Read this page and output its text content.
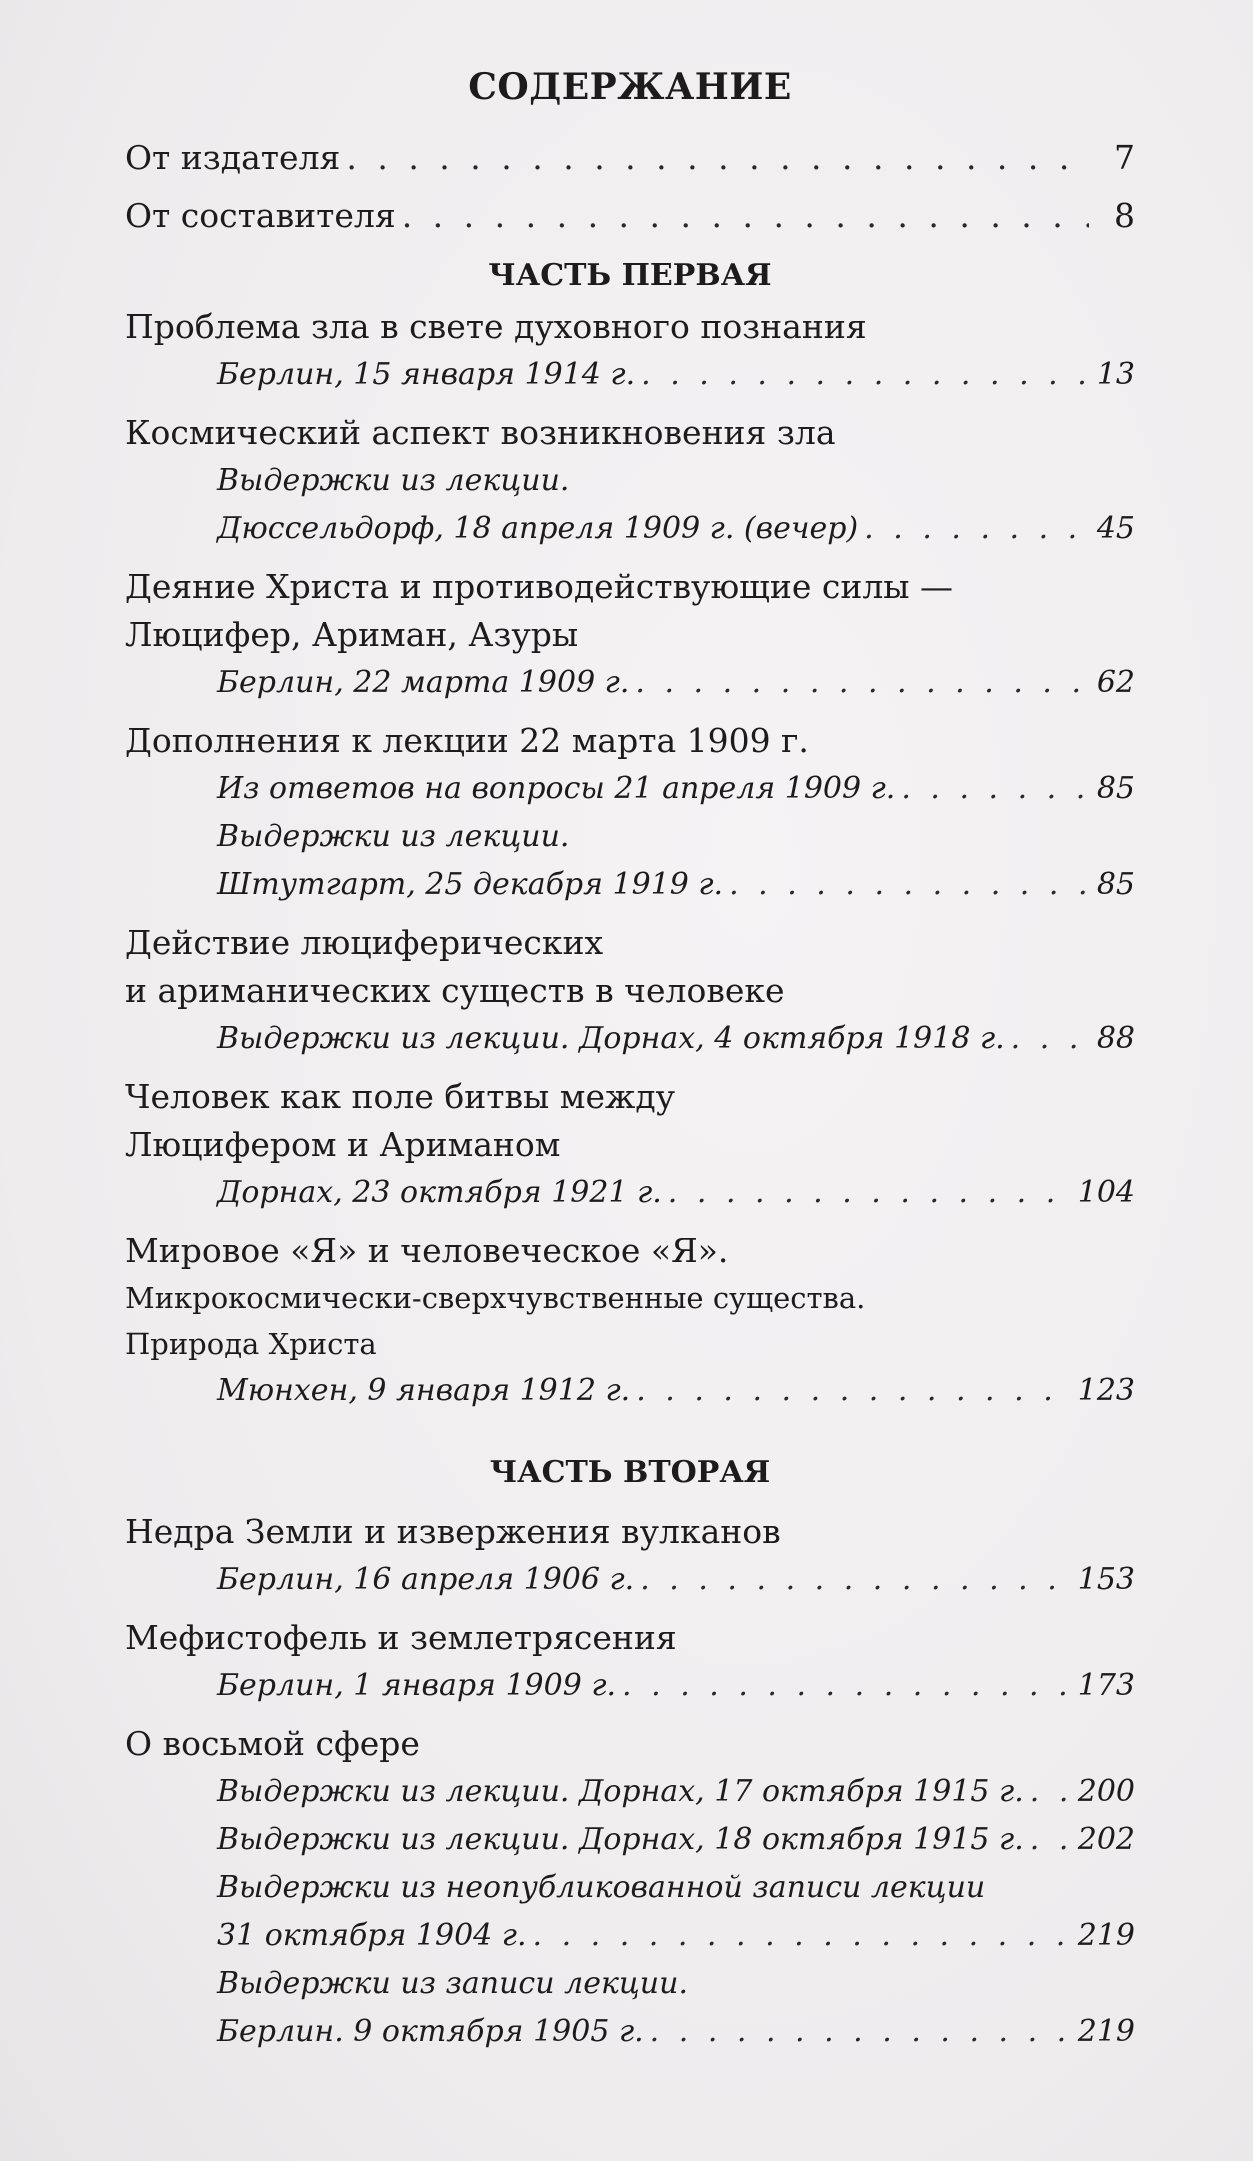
СОДЕРЖАНИЕ
От издателя . . .	7
От составителя . . .	8
ЧАСТЬ ПЕРВАЯ
Проблема зла в свете духовного познания
Берлин, 15 января 1914 г. . . .	13
Космический аспект возникновения зла
Выдержки из лекции.
Дюссельдорф, 18 апреля 1909 г. (вечер) . . .	45
Деяние Христа и противодействующие силы —
Люцифер, Ариман, Азуры
Берлин, 22 марта 1909 г. . . .	62
Дополнения к лекции 22 марта 1909 г.
Из ответов на вопросы 21 апреля 1909 г. . . .	85
Выдержки из лекции.
Штутгарт, 25 декабря 1919 г. . . .	85
Действие люциферических
и ариманических существ в человеке
Выдержки из лекции. Дорнах, 4 октября 1918 г. . . .	88
Человек как поле битвы между
Люцифером и Ариманом
Дорнах, 23 октября 1921 г. . . .	104
Мировое «Я» и человеческое «Я».
Микрокосмически-сверхчувственные существа.
Природа Христа
Мюнхен, 9 января 1912 г. . . .	123
ЧАСТЬ ВТОРАЯ
Недра Земли и извержения вулканов
Берлин, 16 апреля 1906 г. . . .	153
Мефистофель и землетрясения
Берлин, 1 января 1909 г. . . .	173
О восьмой сфере
Выдержки из лекции. Дорнах, 17 октября 1915 г. . . . 200
Выдержки из лекции. Дорнах, 18 октября 1915 г. . . . 202
Выдержки из неопубликованной записи лекции
31 октября 1904 г. . . .	219
Выдержки из записи лекции.
Берлин. 9 октября 1905 г. . . .	219
